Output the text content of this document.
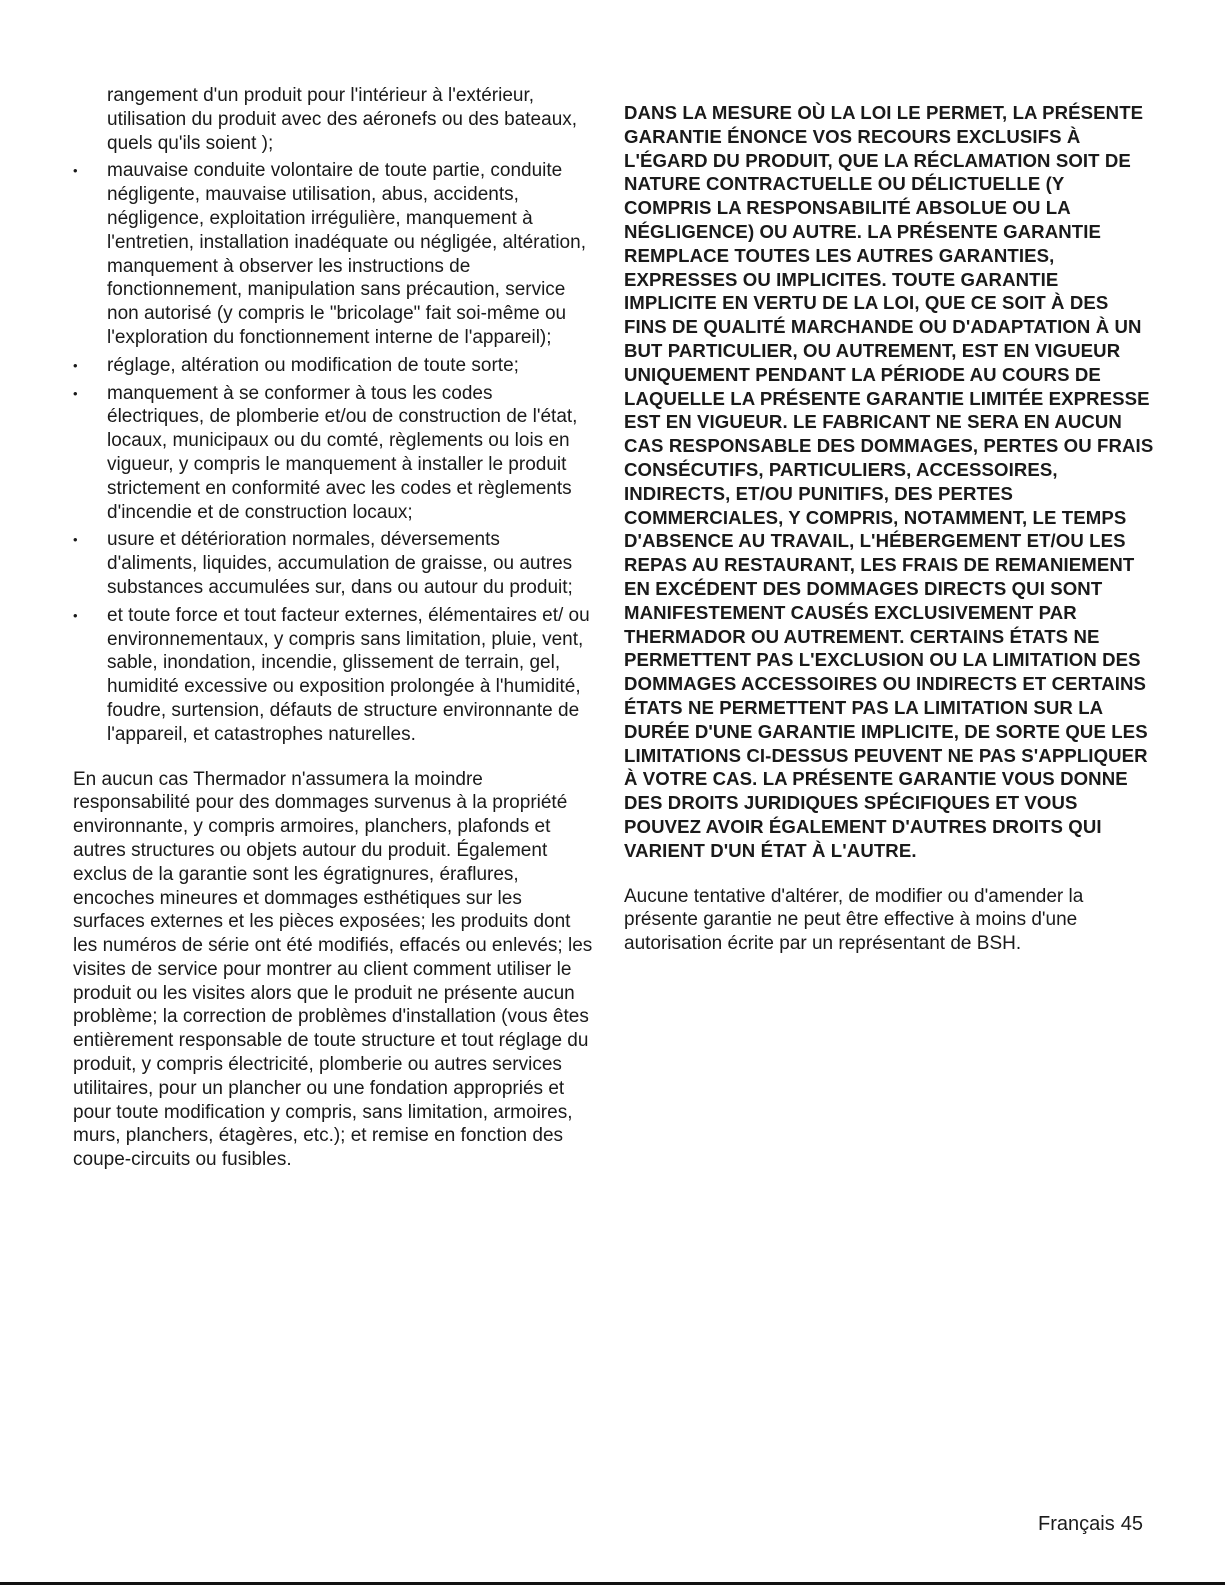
rangement d'un produit pour l'intérieur à l'extérieur, utilisation du produit avec des aéronefs ou des bateaux, quels qu'ils soient );

•	mauvaise conduite volontaire de toute partie, conduite négligente, mauvaise utilisation, abus, accidents, négligence, exploitation irrégulière, manquement à l'entretien, installation inadéquate ou négligée, altération, manquement à observer les instructions de fonctionnement, manipulation sans précaution, service non autorisé (y compris le "bricolage" fait soi-même ou l'exploration du fonctionnement interne de l'appareil);
•	réglage, altération ou modification de toute sorte;
•	manquement à se conformer à tous les codes électriques, de plomberie et/ou de construction de l'état, locaux, municipaux ou du comté, règlements ou lois en vigueur, y compris le manquement à installer le produit strictement en conformité avec les codes et règlements d'incendie et de construction locaux;
•	usure et détérioration normales, déversements d'aliments, liquides, accumulation de graisse, ou autres substances accumulées sur, dans ou autour du produit;
•	et toute force et tout facteur externes, élémentaires et/ ou environnementaux, y compris sans limitation, pluie, vent, sable, inondation, incendie, glissement de terrain, gel, humidité excessive ou exposition prolongée à l'humidité, foudre, surtension, défauts de structure environnante de l'appareil, et catastrophes naturelles.

En aucun cas Thermador n'assumera la moindre responsabilité pour des dommages survenus à la propriété environnante, y compris armoires, planchers, plafonds et autres structures ou objets autour du produit. Également exclus de la garantie sont les égratignures, éraflures, encoches mineures et dommages esthétiques sur les surfaces externes et les pièces exposées; les produits dont les numéros de série ont été modifiés, effacés ou enlevés; les visites de service pour montrer au client comment utiliser le produit ou les visites alors que le produit ne présente aucun problème; la correction de problèmes d'installation (vous êtes entièrement responsable de toute structure et tout réglage du produit, y compris électricité, plomberie ou autres services utilitaires, pour un plancher ou une fondation appropriés et pour toute modification y compris, sans limitation, armoires, murs, planchers, étagères, etc.); et remise en fonction des coupe-circuits ou fusibles.

DANS LA MESURE OÙ LA LOI LE PERMET, LA PRÉSENTE GARANTIE ÉNONCE VOS RECOURS EXCLUSIFS À L'ÉGARD DU PRODUIT, QUE LA RÉCLAMATION SOIT DE NATURE CONTRACTUELLE OU DÉLICTUELLE (Y COMPRIS LA RESPONSABILITÉ ABSOLUE OU LA NÉGLIGENCE) OU AUTRE. LA PRÉSENTE GARANTIE REMPLACE TOUTES LES AUTRES GARANTIES, EXPRESSES OU IMPLICITES. TOUTE GARANTIE IMPLICITE EN VERTU DE LA LOI, QUE CE SOIT À DES FINS DE QUALITÉ MARCHANDE OU D'ADAPTATION À UN BUT PARTICULIER, OU AUTREMENT, EST EN VIGUEUR UNIQUEMENT PENDANT LA PÉRIODE AU COURS DE LAQUELLE LA PRÉSENTE GARANTIE LIMITÉE EXPRESSE EST EN VIGUEUR. LE FABRICANT NE SERA EN AUCUN CAS RESPONSABLE DES DOMMAGES, PERTES OU FRAIS CONSÉCUTIFS, PARTICULIERS, ACCESSOIRES, INDIRECTS, ET/OU PUNITIFS, DES PERTES COMMERCIALES, Y COMPRIS, NOTAMMENT, LE TEMPS D'ABSENCE AU TRAVAIL, L'HÉBERGEMENT ET/OU LES REPAS AU RESTAURANT, LES FRAIS DE REMANIEMENT EN EXCÉDENT DES DOMMAGES DIRECTS QUI SONT MANIFESTEMENT CAUSÉS EXCLUSIVEMENT PAR THERMADOR OU AUTREMENT. CERTAINS ÉTATS NE PERMETTENT PAS L'EXCLUSION OU LA LIMITATION DES DOMMAGES ACCESSOIRES OU INDIRECTS ET CERTAINS ÉTATS NE PERMETTENT PAS LA LIMITATION SUR LA DURÉE D'UNE GARANTIE IMPLICITE, DE SORTE QUE LES LIMITATIONS CI-DESSUS PEUVENT NE PAS S'APPLIQUER À VOTRE CAS. LA PRÉSENTE GARANTIE VOUS DONNE DES DROITS JURIDIQUES SPÉCIFIQUES ET VOUS POUVEZ AVOIR ÉGALEMENT D'AUTRES DROITS QUI VARIENT D'UN ÉTAT À L'AUTRE.

Aucune tentative d'altérer, de modifier ou d'amender la présente garantie ne peut être effective à moins d'une autorisation écrite par un représentant de BSH.

Français 45
